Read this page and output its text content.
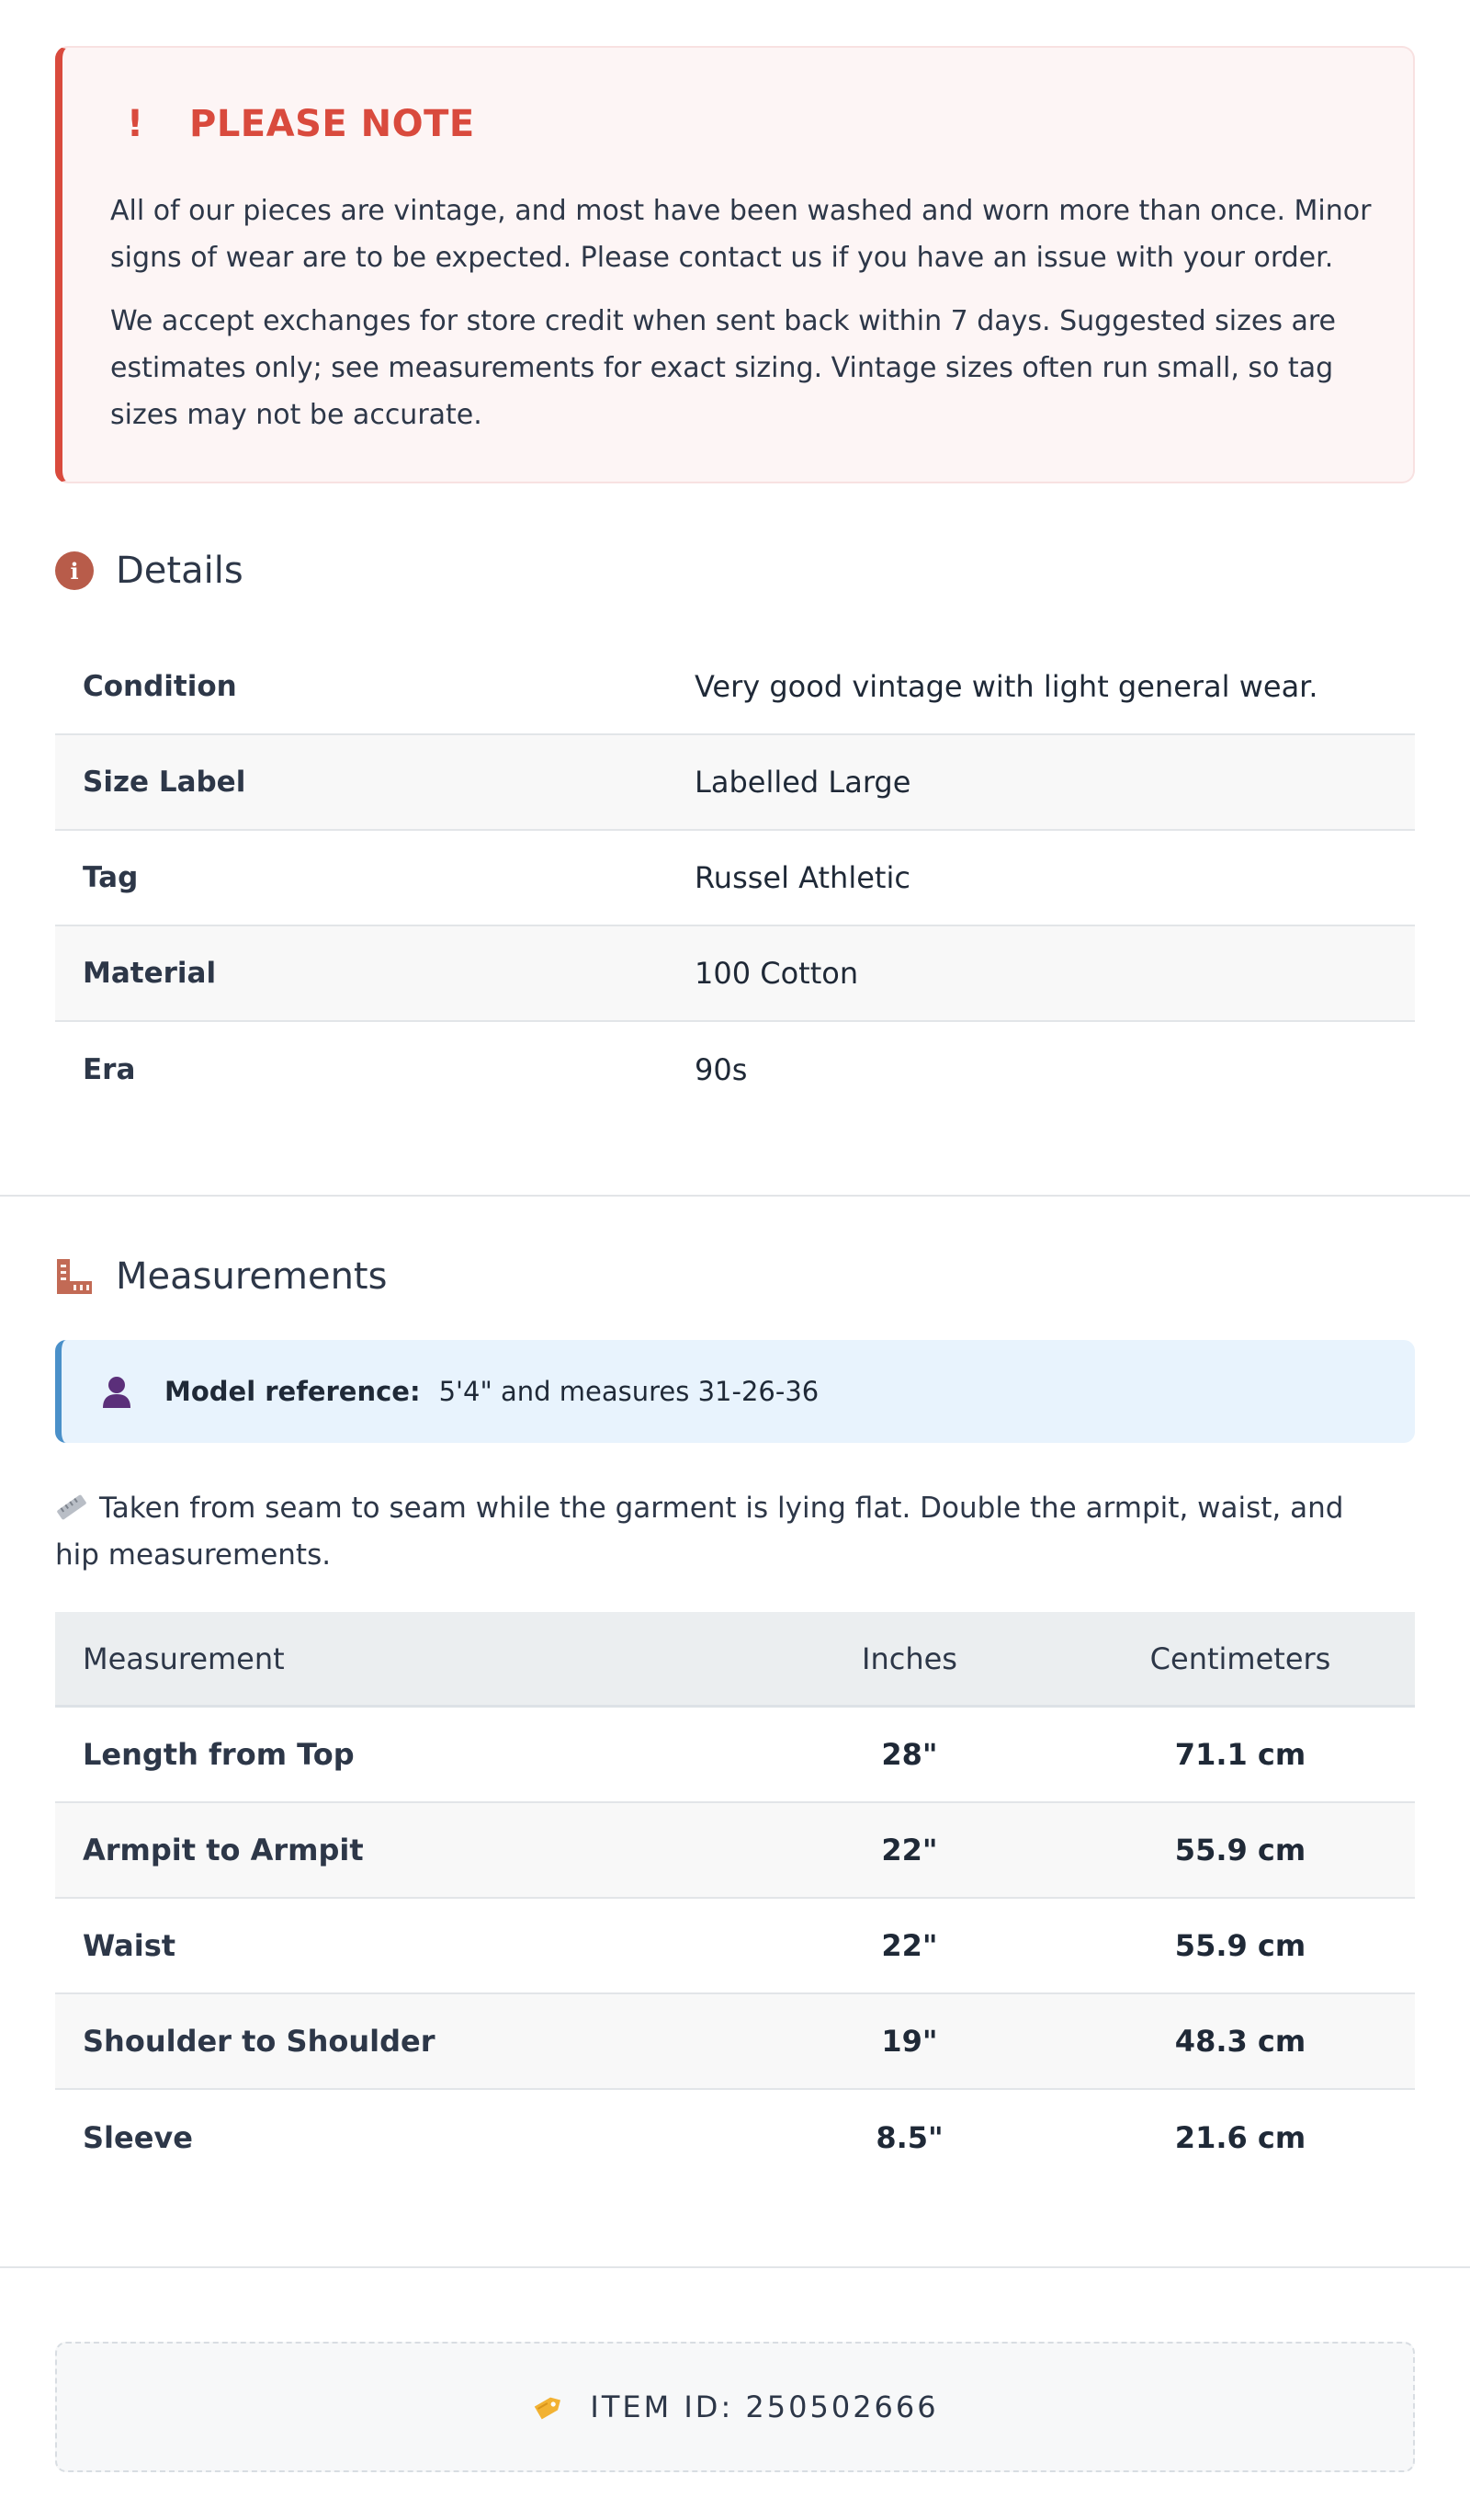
! PLEASE NOTE

All of our pieces are vintage, and most have been washed and worn more than once. Minor signs of wear are to be expected. Please contact us if you have an issue with your order.

We accept exchanges for store credit when sent back within 7 days. Suggested sizes are estimates only; see measurements for exact sizing. Vintage sizes often run small, so tag sizes may not be accurate.

i	Details
Condition	Very good vintage with light general wear.
Size Label	Labelled Large
Tag	Russel Athletic
Material	100 Cotton
Era	90s
Measurements
Model reference: 5'4" and measures 31-26-36

Taken from seam to seam while the garment is lying flat. Double the armpit, waist, and hip measurements.

Measurement	Inches	Centimeters
Length from Top	28"	71.1 cm
Armpit to Armpit	22"	55.9 cm
Waist	22"	55.9 cm
Shoulder to Shoulder	19"	48.3 cm
Sleeve	8.5"	21.6 cm
ITEM ID: 250502666
